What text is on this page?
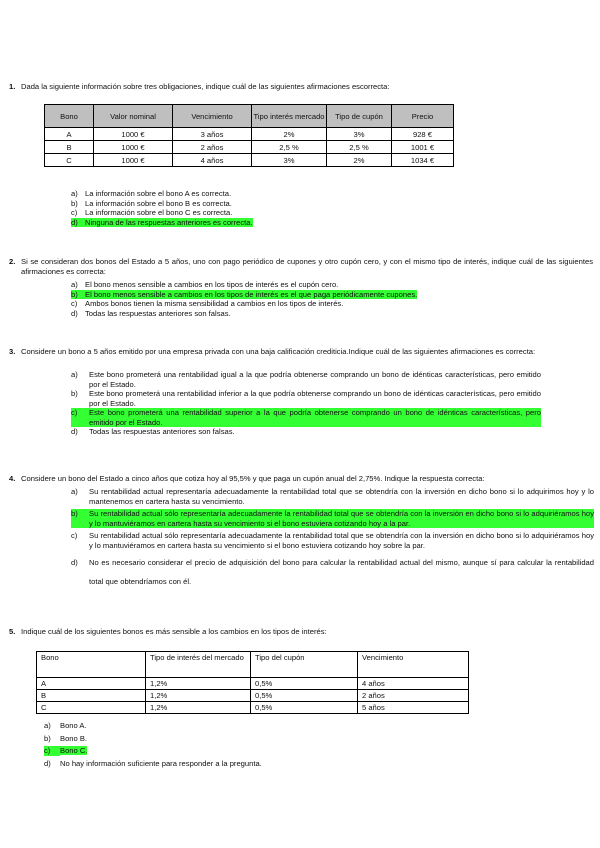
1. Dada la siguiente información sobre tres obligaciones, indique cuál de las siguientes afirmaciones escorrecta:
Bono	Valor nominal	Vencimiento	Tipo interés mercado	Tipo de cupón	Precio
A	1000 €	3 años	2%	3%	928 €
B	1000 €	2 años	2,5 %	2,5 %	1001 €
C	1000 €	4 años	3%	2%	1034 €
a) La información sobre el bono A es correcta.
b) La información sobre el bono B es correcta.
c)	La información sobre el bono C es correcta.
d) Ninguna de las respuestas anteriores es correcta.
2. Si se consideran dos bonos del Estado a 5 años, uno con pago periódico de cupones y otro cupón cero, y con el mismo tipo de interés, indique cuál de las siguientes afirmaciones es correcta:
a) El bono menos sensible a cambios en los tipos de interés es el cupón cero.
b) El bono menos sensible a cambios en los tipos de interés es el que paga periódicamente cupones.
c)	Ambos bonos tienen la misma sensibilidad a cambios en los tipos de interés.
d) Todas las respuestas anteriores son falsas.
3. Considere un bono a 5 años emitido por una empresa privada con una baja calificación crediticia.Indique cuál de las siguientes afirmaciones es correcta:
a)	Este bono prometerá una rentabilidad igual a la que podría obtenerse comprando un bono de idénticas características, pero emitido por el Estado.
b)	Este bono prometerá una rentabilidad inferior a la que podría obtenerse comprando un bono de idénticas características, pero emitido por el Estado.
c)	Este bono prometerá una rentabilidad superior a la que podría obtenerse comprando un bono de idénticas características, pero emitido por el Estado.
d)	Todas las respuestas anteriores son falsas.
4. Considere un bono del Estado a cinco años que cotiza hoy al 95,5% y que paga un cupón anual del 2,75%. Indique la respuesta correcta:
a)	Su rentabilidad actual representaría adecuadamente la rentabilidad total que se obtendría con la inversión en dicho bono si lo adquirimos hoy y lo mantenemos en cartera hasta su vencimiento.
b)	Su rentabilidad actual sólo representaría adecuadamente la rentabilidad total que se obtendría con la inversión en dicho bono si lo adquiriéramos hoy y lo mantuviéramos en cartera hasta su vencimiento si el bono estuviera cotizando hoy a la par.
c)	Su rentabilidad actual sólo representaría adecuadamente la rentabilidad total que se obtendría con la inversión en dicho bono si lo adquiriéramos hoy y lo mantuviéramos en cartera hasta su vencimiento si el bono estuviera cotizando hoy sobre la par.
d)	No es necesario considerar el precio de adquisición del bono para calcular la rentabilidad actual del mismo, aunque sí para calcular la rentabilidad total que obtendríamos con él.
5. Indique cuál de los siguientes bonos es más sensible a los cambios en los tipos de interés:
Bono	Tipo de interés del mercado	Tipo del cupón	Vencimiento
A	1,2%	0,5%	4 años
B	1,2%	0,5%	2 años
C	1,2%	0,5%	5 años
a)	Bono A.
b)	Bono B.
c)	Bono C.
d)	No hay información suficiente para responder a la pregunta.
